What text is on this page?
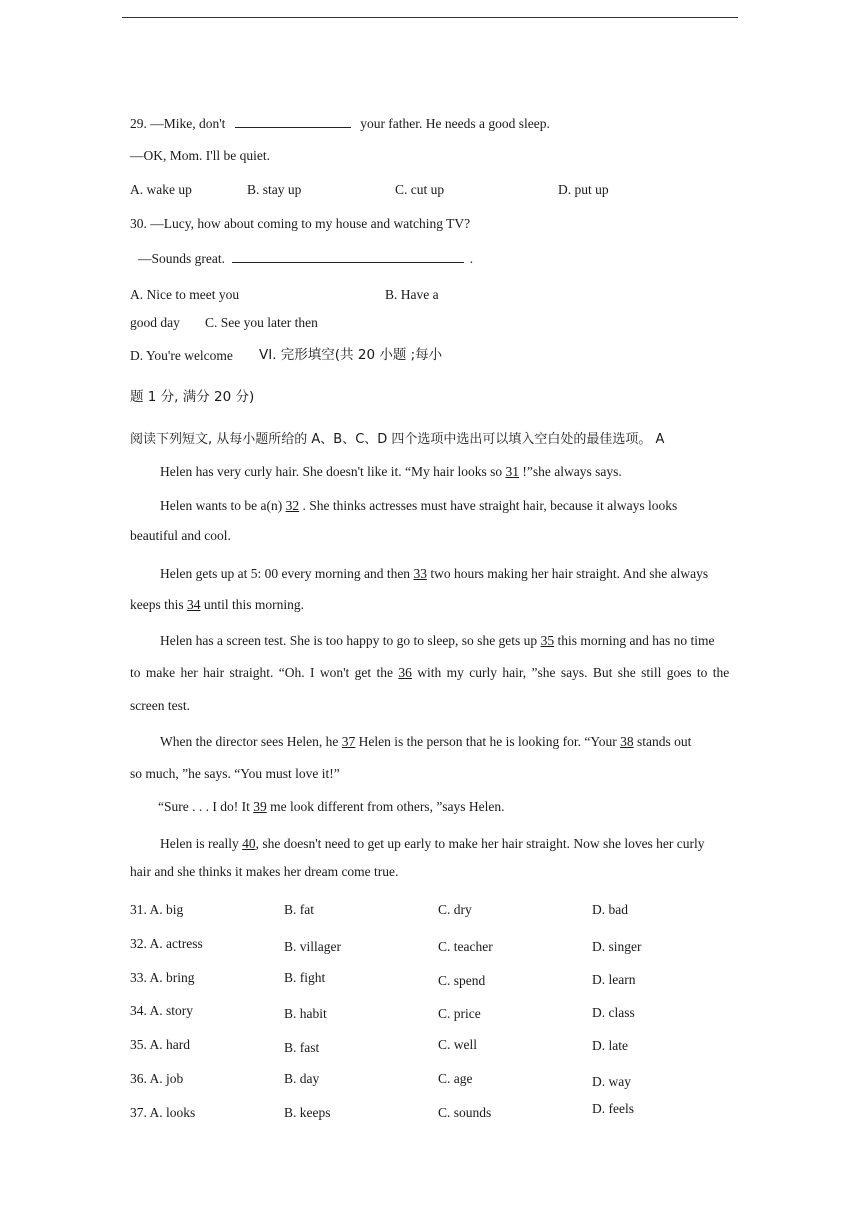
29. —Mike, don't	your father. He needs a good sleep.
—OK, Mom. I'll be quiet.
A. wake up	B. stay up	C. cut up	D. put up
30. —Lucy, how about coming to my house and watching TV?
—Sounds great.	.
A. Nice to meet you	B. Have a
good day C. See you later then
D. You're welcome VI. 完形填空(共 20 小题 ;每小
题 1 分, 满分 20 分)
阅读下列短文, 从每小题所给的 A、B、C、D 四个选项中选出可以填入空白处的最佳选项。 A
Helen has very curly hair. She doesn't like it. “My hair looks so 31 !”she always says.
Helen wants to be a(n) 32 . She thinks actresses must have straight hair, because it always looks
beautiful and cool.
Helen gets up at 5: 00 every morning and then 33 two hours making her hair straight. And she always
keeps this 34 until this morning.
Helen has a screen test. She is too happy to go to sleep, so she gets up 35 this morning and has no time
to make her hair straight. “Oh. I won't get the 36 with my curly hair, ”she says. But she still goes to the
screen test.
When the director sees Helen, he 37 Helen is the person that he is looking for. “Your 38 stands out
so much, ”he says. “You must love it!”
“Sure . . . I do! It 39 me look different from others, ”says Helen.
Helen is really 40, she doesn't need to get up early to make her hair straight. Now she loves her curly
hair and she thinks it makes her dream come true.
31. A. big	B. fat	C. dry	D. bad
32. A. actress	B. villager	C. teacher	D. singer
33. A. bring	B. fight	C. spend	D. learn
34. A. story	B. habit	C. price	D. class
35. A. hard	B. fast	C. well	D. late
36. A. job	B. day	C. age	D. way
37. A. looks	B. keeps	C. sounds	D. feels
